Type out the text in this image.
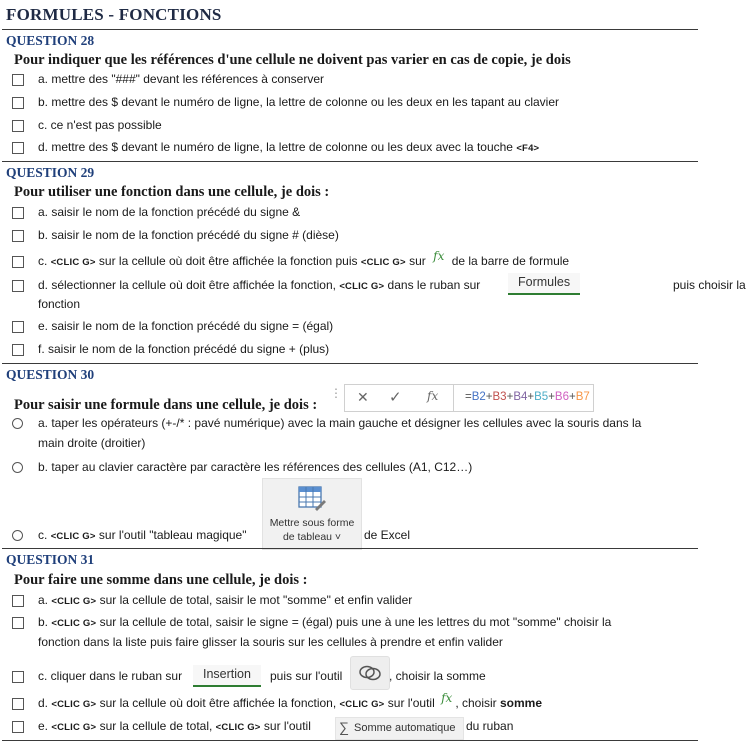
FORMULES - FONCTIONS
QUESTION 28
Pour indiquer que les références d'une cellule ne doivent pas varier en cas de copie, je dois
a. mettre des "###" devant les références à conserver
b. mettre des $ devant le numéro de ligne, la lettre de colonne ou les deux en les tapant au clavier
c. ce n'est pas possible
d. mettre des $ devant le numéro de ligne, la lettre de colonne ou les deux avec la touche <F4>
QUESTION 29
Pour utiliser une fonction dans une cellule, je dois :
a. saisir le nom de la fonction précédé du signe &
b. saisir le nom de la fonction précédé du signe # (dièse)
c. <CLIC G> sur la cellule où doit être affichée la fonction puis <CLIC G> sur fx de la barre de formule
d. sélectionner la cellule où doit être affichée la fonction, <CLIC G> dans le ruban sur	puis choisir la
fonction
Formules
e. saisir le nom de la fonction précédé du signe = (égal)
f. saisir le nom de la fonction précédé du signe + (plus)
QUESTION 30
Pour saisir une formule dans une cellule, je dois :
⋮ ✕ ✓ fx =B2+B3+B4+B5+B6+B7
a. taper les opérateurs (+-/* : pavé numérique) avec la main gauche et désigner les cellules avec la souris dans la
main droite (droitier)
b. taper au clavier caractère par caractère les références des cellules (A1, C12…)
Mettre sous forme
de tableau ˅
c. <CLIC G> sur l'outil "tableau magique"	de Excel
QUESTION 31
Pour faire une somme dans une cellule, je dois :
a. <CLIC G> sur la cellule de total, saisir le mot "somme" et enfin valider
b. <CLIC G> sur la cellule de total, saisir le signe = (égal) puis une à une les lettres du mot "somme" choisir la
fonction dans la liste puis faire glisser la souris sur les cellules à prendre et enfin valider
Insertion
c. cliquer dans le ruban sur	puis sur l'outil	, choisir la somme
d. <CLIC G> sur la cellule où doit être affichée la fonction, <CLIC G> sur l'outil fx , choisir somme
∑ Somme automatique
e. <CLIC G> sur la cellule de total, <CLIC G> sur l'outil	du ruban
